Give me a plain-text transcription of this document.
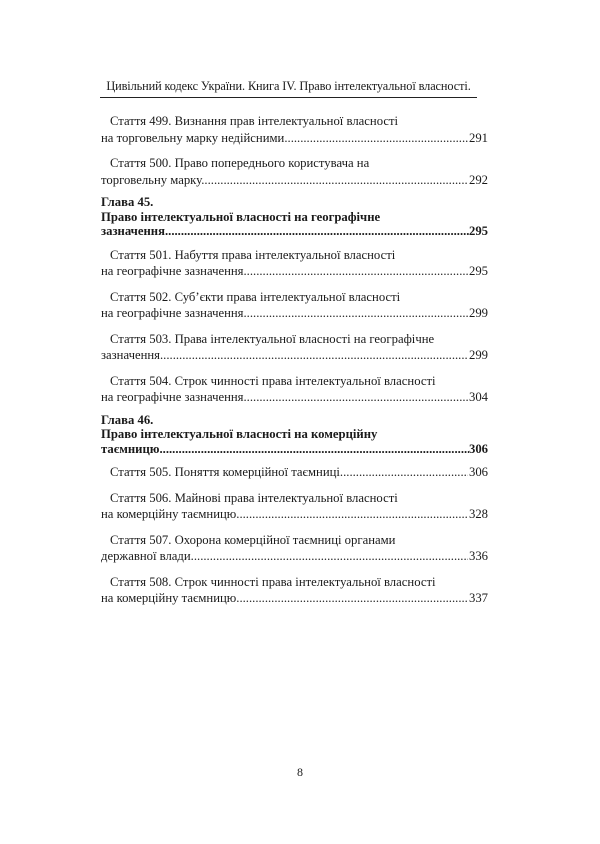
Цивільний кодекс України. Книга IV. Право інтелектуальної власності.
Стаття 499. Визнання прав інтелектуальної власності
на торговельну марку недійсними. .....	291
Стаття 500. Право попереднього користувача на
торговельну марку. .....	292
Глава 45.
Право інтелектуальної власності на географічне
зазначення. .....	295
Стаття 501. Набуття права інтелектуальної власності
на географічне зазначення. .....	295
Стаття 502. Суб’єкти права інтелектуальної власності
на географічне зазначення. .....	299
Стаття 503. Права інтелектуальної власності на географічне
зазначення .....	299
Стаття 504. Строк чинності права інтелектуальної власності
на географічне зазначення. .....	304
Глава 46.
Право інтелектуальної власності на комерційну
таємницю .....	306
Стаття 505. Поняття комерційної таємниці. .....	306
Стаття 506. Майнові права інтелектуальної власності
на комерційну таємницю. .....	328
Стаття 507. Охорона комерційної таємниці органами
державної влади. .....	336
Стаття 508. Строк чинності права інтелектуальної власності
на комерційну таємницю. .....	337
8
